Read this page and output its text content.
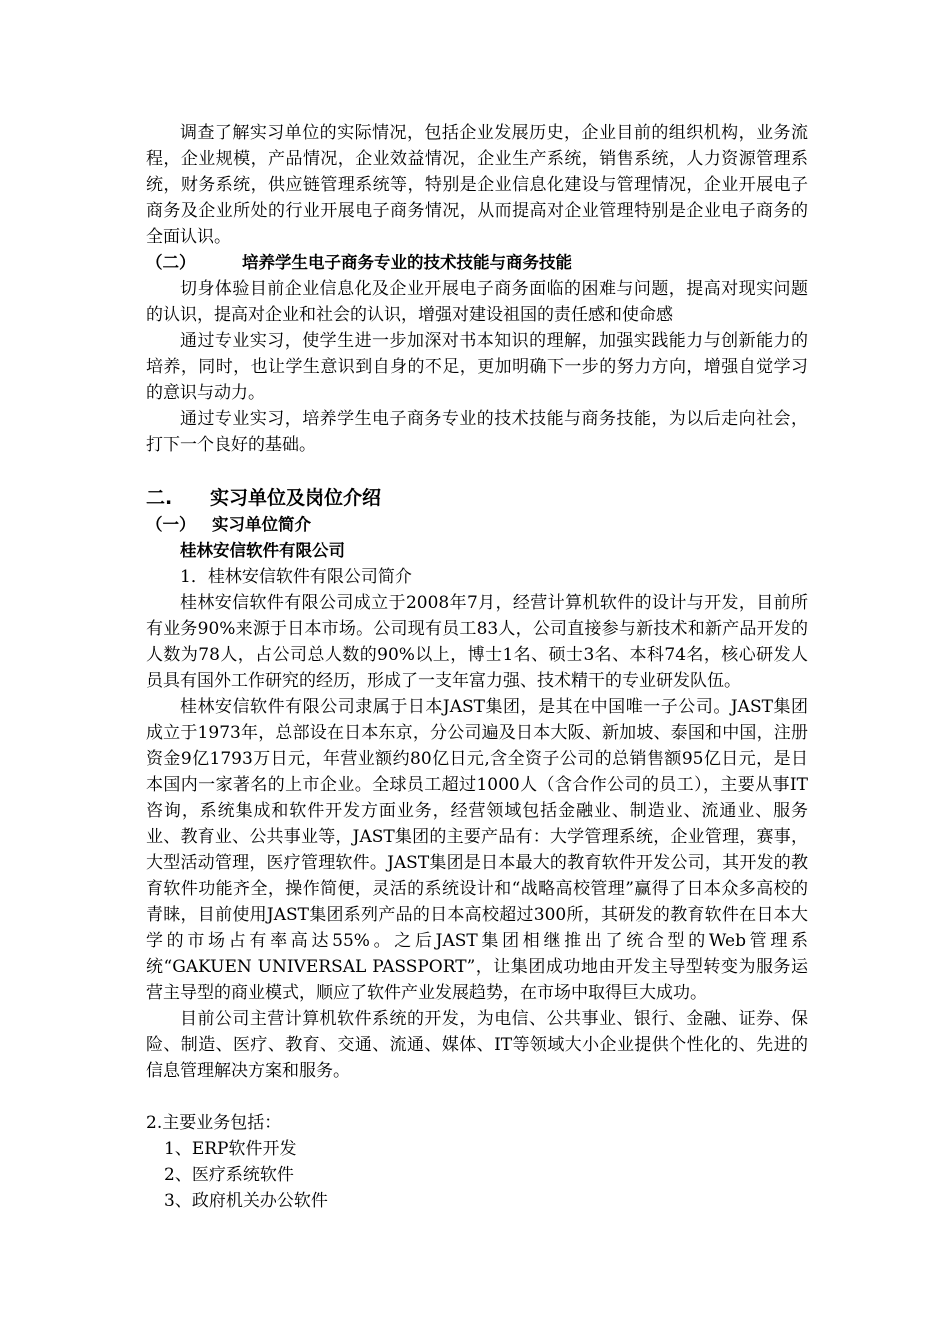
调查了解实习单位的实际情况，包括企业发展历史，企业目前的组织机构，业务流程，企业规模，产品情况，企业效益情况，企业生产系统，销售系统，人力资源管理系统，财务系统，供应链管理系统等，特别是企业信息化建设与管理情况，企业开展电子商务及企业所处的行业开展电子商务情况，从而提高对企业管理特别是企业电子商务的全面认识。

（二）	培养学生电子商务专业的技术技能与商务技能

切身体验目前企业信息化及企业开展电子商务面临的困难与问题，提高对现实问题的认识，提高对企业和社会的认识，增强对建设祖国的责任感和使命感

通过专业实习，使学生进一步加深对书本知识的理解，加强实践能力与创新能力的培养，同时，也让学生意识到自身的不足，更加明确下一步的努力方向，增强自觉学习的意识与动力。

通过专业实习，培养学生电子商务专业的技术技能与商务技能，为以后走向社会，打下一个良好的基础。

二. 实习单位及岗位介绍

（一） 实习单位简介

桂林安信软件有限公司

1．桂林安信软件有限公司简介

桂林安信软件有限公司成立于2008年7月，经营计算机软件的设计与开发，目前所有业务90%来源于日本市场。公司现有员工83人，公司直接参与新技术和新产品开发的人数为78人，占公司总人数的90%以上，博士1名、硕士3名、本科74名，核心研发人员具有国外工作研究的经历，形成了一支年富力强、技术精干的专业研发队伍。

桂林安信软件有限公司隶属于日本JAST集团，是其在中国唯一子公司。JAST集团成立于1973年，总部设在日本东京，分公司遍及日本大阪、新加坡、泰国和中国，注册资金9亿1793万日元，年营业额约80亿日元,含全资子公司的总销售额95亿日元，是日本国内一家著名的上市企业。全球员工超过1000人（含合作公司的员工），主要从事IT咨询，系统集成和软件开发方面业务，经营领域包括金融业、制造业、流通业、服务业、教育业、公共事业等，JAST集团的主要产品有：大学管理系统，企业管理，赛事，大型活动管理，医疗管理软件。JAST集团是日本最大的教育软件开发公司，其开发的教育软件功能齐全，操作简便，灵活的系统设计和“战略高校管理”赢得了日本众多高校的青睐，目前使用JAST集团系列产品的日本高校超过300所，其研发的教育软件在日本大学的市场占有率高达55%。之后JAST集团相继推出了统合型的Web管理系统“GAKUEN UNIVERSAL PASSPORT”，让集团成功地由开发主导型转变为服务运营主导型的商业模式，顺应了软件产业发展趋势，在市场中取得巨大成功。

目前公司主营计算机软件系统的开发，为电信、公共事业、银行、金融、证券、保险、制造、医疗、教育、交通、流通、媒体、IT等领域大小企业提供个性化的、先进的信息管理解决方案和服务。

2.主要业务包括：

1、ERP软件开发

2、医疗系统软件

3、政府机关办公软件
